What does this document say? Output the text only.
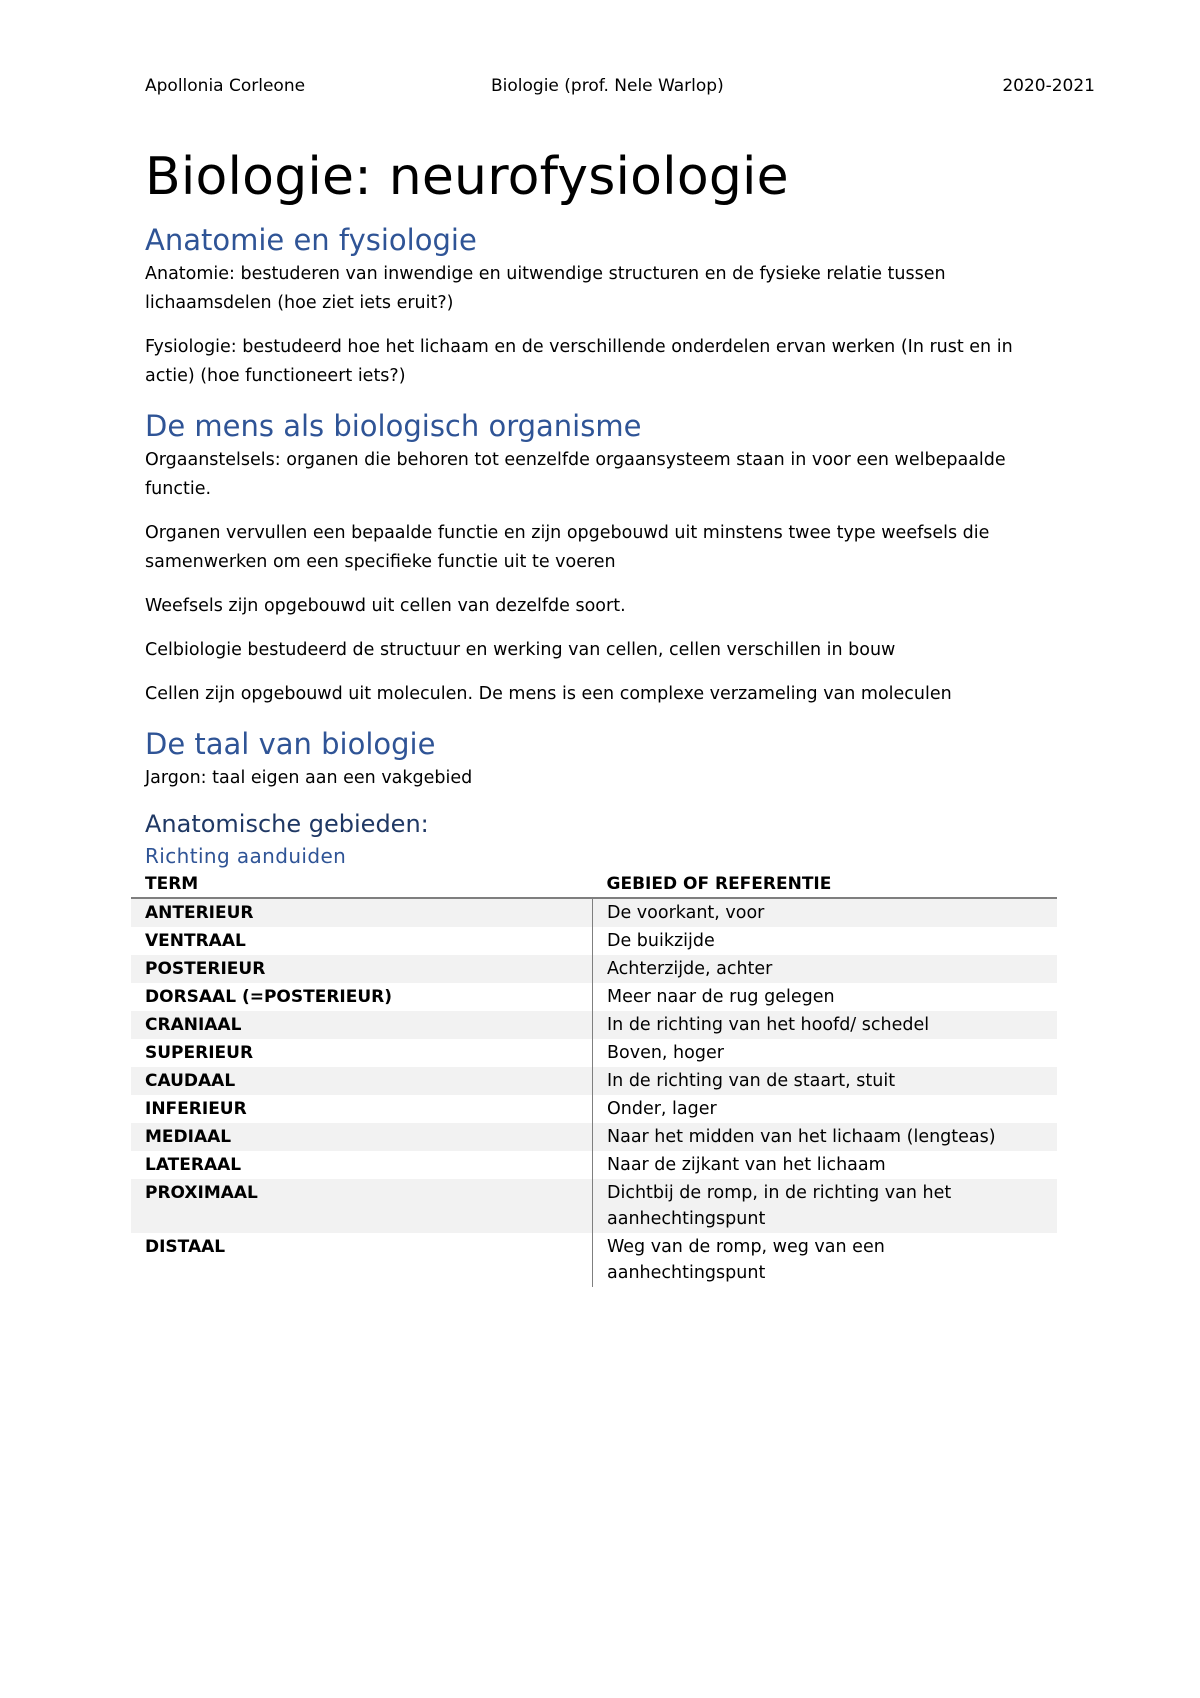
Apollonia Corleone	Biologie (prof. Nele Warlop)	2020-2021
Biologie: neurofysiologie
Anatomie en fysiologie

Anatomie: bestuderen van inwendige en uitwendige structuren en de fysieke relatie tussen lichaamsdelen (hoe ziet iets eruit?)

Fysiologie: bestudeerd hoe het lichaam en de verschillende onderdelen ervan werken (In rust en in actie) (hoe functioneert iets?)

De mens als biologisch organisme

Orgaanstelsels: organen die behoren tot eenzelfde orgaansysteem staan in voor een welbepaalde functie.

Organen vervullen een bepaalde functie en zijn opgebouwd uit minstens twee type weefsels die samenwerken om een specifieke functie uit te voeren

Weefsels zijn opgebouwd uit cellen van dezelfde soort.

Celbiologie bestudeerd de structuur en werking van cellen, cellen verschillen in bouw

Cellen zijn opgebouwd uit moleculen. De mens is een complexe verzameling van moleculen

De taal van biologie

Jargon: taal eigen aan een vakgebied

Anatomische gebieden:
Richting aanduiden
TERM	GEBIED OF REFERENTIE
ANTERIEUR	De voorkant, voor
VENTRAAL	De buikzijde
POSTERIEUR	Achterzijde, achter
DORSAAL (=POSTERIEUR)	Meer naar de rug gelegen
CRANIAAL	In de richting van het hoofd/ schedel
SUPERIEUR	Boven, hoger
CAUDAAL	In de richting van de staart, stuit
INFERIEUR	Onder, lager
MEDIAAL	Naar het midden van het lichaam (lengteas)
LATERAAL	Naar de zijkant van het lichaam
PROXIMAAL	Dichtbij de romp, in de richting van het aanhechtingspunt
DISTAAL	Weg van de romp, weg van een aanhechtingspunt
